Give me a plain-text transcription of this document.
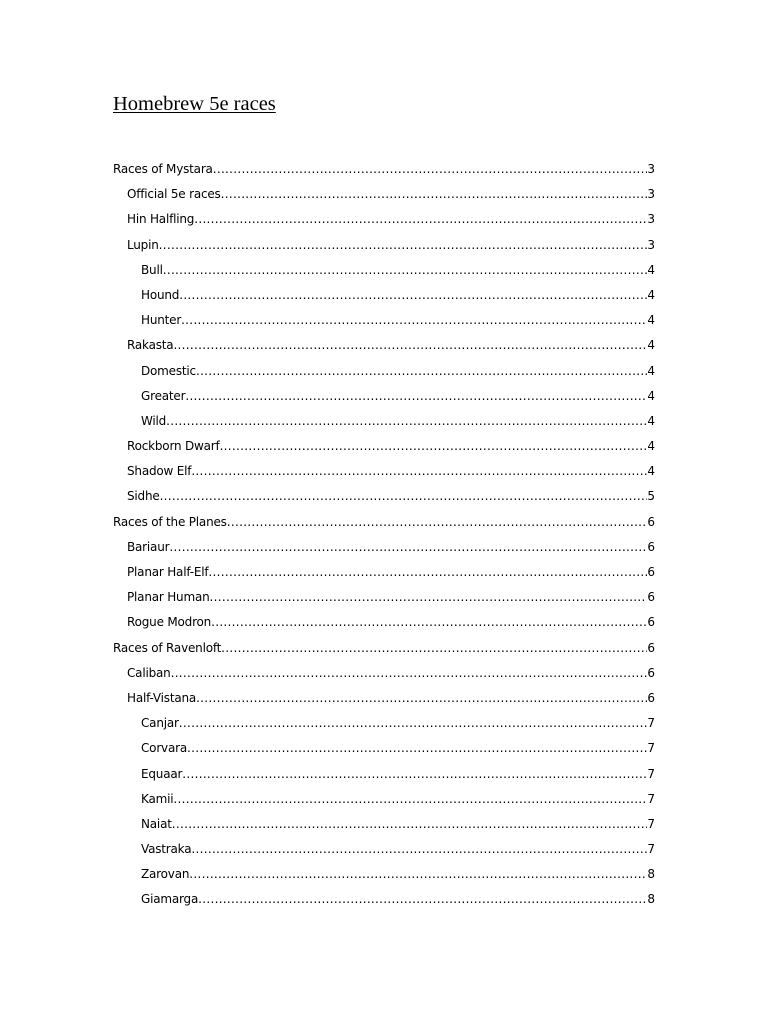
Homebrew 5e races
Races of Mystara .....	3
Official 5e races .....	3
Hin Halfling .....	3
Lupin .....	3
Bull .....	4
Hound .....	4
Hunter .....	4
Rakasta .....	4
Domestic .....	4
Greater .....	4
Wild .....	4
Rockborn Dwarf .....	4
Shadow Elf .....	4
Sidhe .....	5
Races of the Planes .....	6
Bariaur .....	6
Planar Half-Elf .....	6
Planar Human .....	6
Rogue Modron .....	6
Races of Ravenloft .....	6
Caliban .....	6
Half-Vistana .....	6
Canjar .....	7
Corvara .....	7
Equaar .....	7
Kamii .....	7
Naiat .....	7
Vastraka .....	7
Zarovan .....	8
Giamarga .....	8
